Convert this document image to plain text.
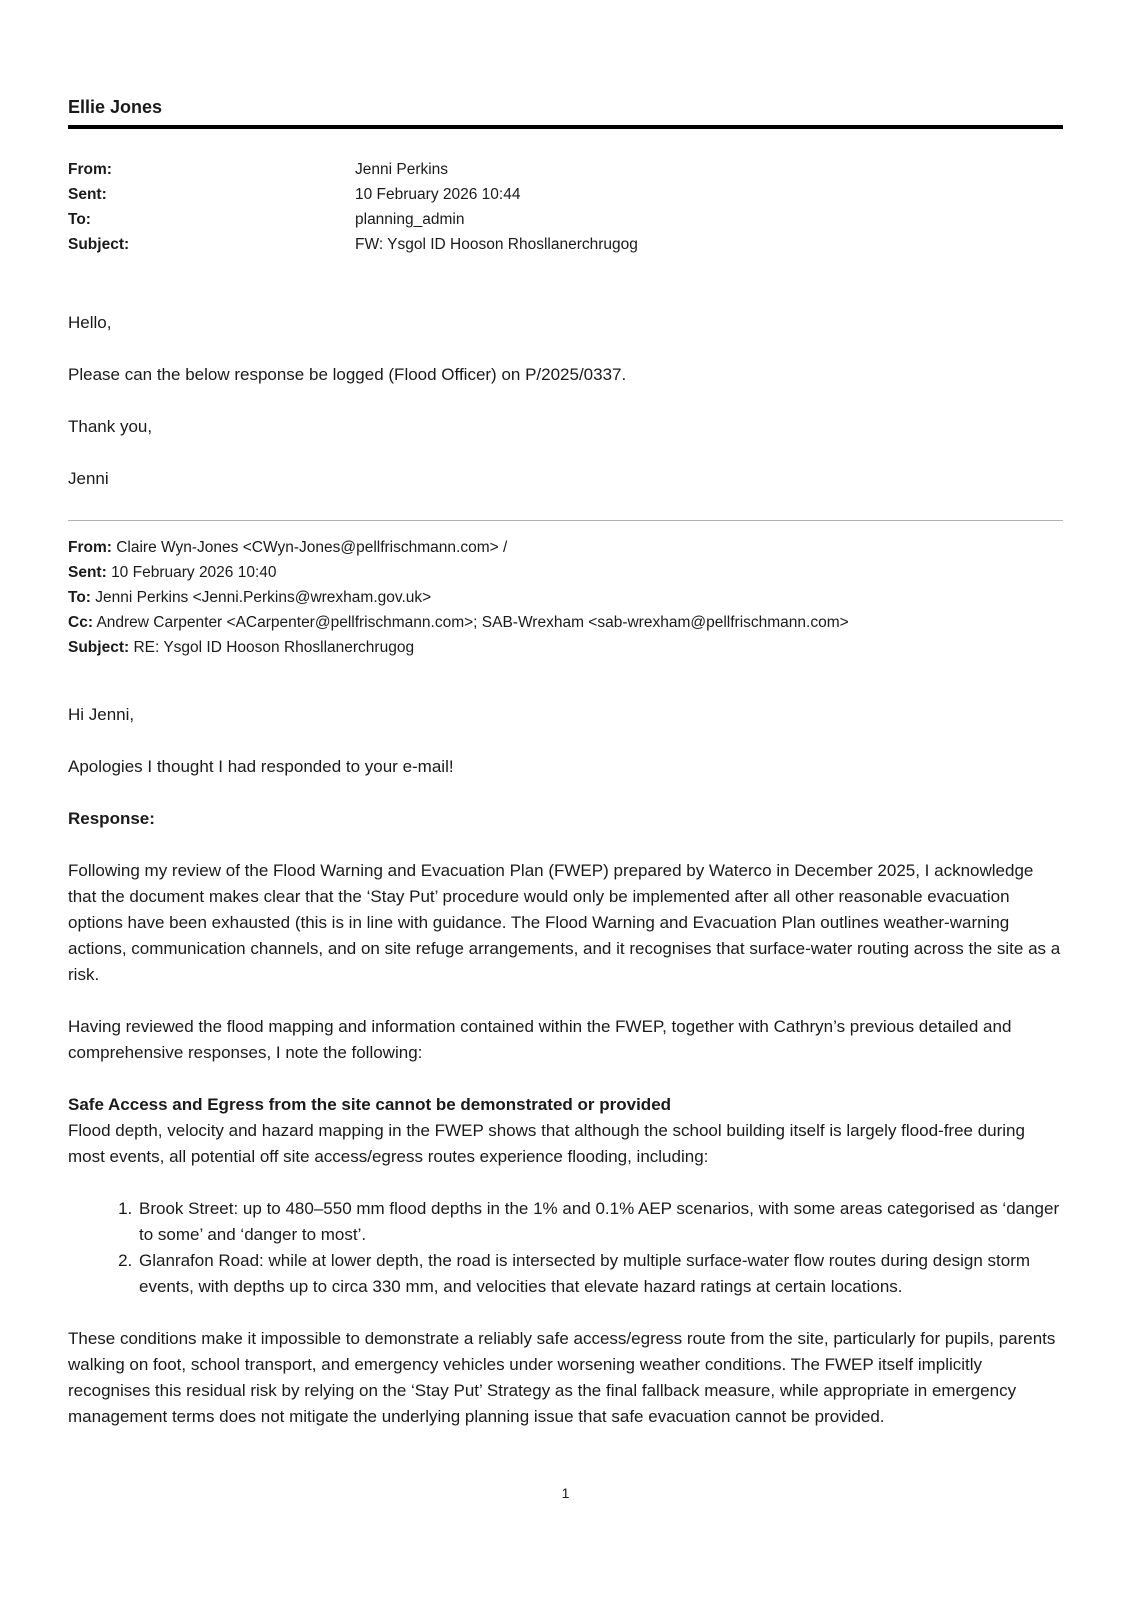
Ellie Jones
From:	Jenni Perkins
Sent:	10 February 2026 10:44
To:	planning_admin
Subject:	FW: Ysgol ID Hooson Rhosllanerchrugog

Hello,

Please can the below response be logged (Flood Officer) on P/2025/0337.

Thank you,

Jenni

From: Claire Wyn-Jones <CWyn-Jones@pellfrischmann.com> /

Sent: 10 February 2026 10:40

To: Jenni Perkins <Jenni.Perkins@wrexham.gov.uk>

Cc: Andrew Carpenter <ACarpenter@pellfrischmann.com>; SAB-Wrexham <sab-wrexham@pellfrischmann.com>

Subject: RE: Ysgol ID Hooson Rhosllanerchrugog

Hi Jenni,

Apologies I thought I had responded to your e-mail!

Response:

Following my review of the Flood Warning and Evacuation Plan (FWEP) prepared by Waterco in December 2025, I acknowledge that the document makes clear that the ‘Stay Put’ procedure would only be implemented after all other reasonable evacuation options have been exhausted (this is in line with guidance. The Flood Warning and Evacuation Plan outlines weather-warning actions, communication channels, and on site refuge arrangements, and it recognises that surface-water routing across the site as a risk.

Having reviewed the flood mapping and information contained within the FWEP, together with Cathryn’s previous detailed and comprehensive responses, I note the following:

Safe Access and Egress from the site cannot be demonstrated or provided

Flood depth, velocity and hazard mapping in the FWEP shows that although the school building itself is largely flood-free during most events, all potential off site access/egress routes experience flooding, including:

1. Brook Street: up to 480–550 mm flood depths in the 1% and 0.1% AEP scenarios, with some areas categorised as ‘danger to some’ and ‘danger to most’.
2. Glanrafon Road: while at lower depth, the road is intersected by multiple surface-water flow routes during design storm events, with depths up to circa 330 mm, and velocities that elevate hazard ratings at certain locations.

These conditions make it impossible to demonstrate a reliably safe access/egress route from the site, particularly for pupils, parents walking on foot, school transport, and emergency vehicles under worsening weather conditions. The FWEP itself implicitly recognises this residual risk by relying on the ‘Stay Put’ Strategy as the final fallback measure, while appropriate in emergency management terms does not mitigate the underlying planning issue that safe evacuation cannot be provided.

1
